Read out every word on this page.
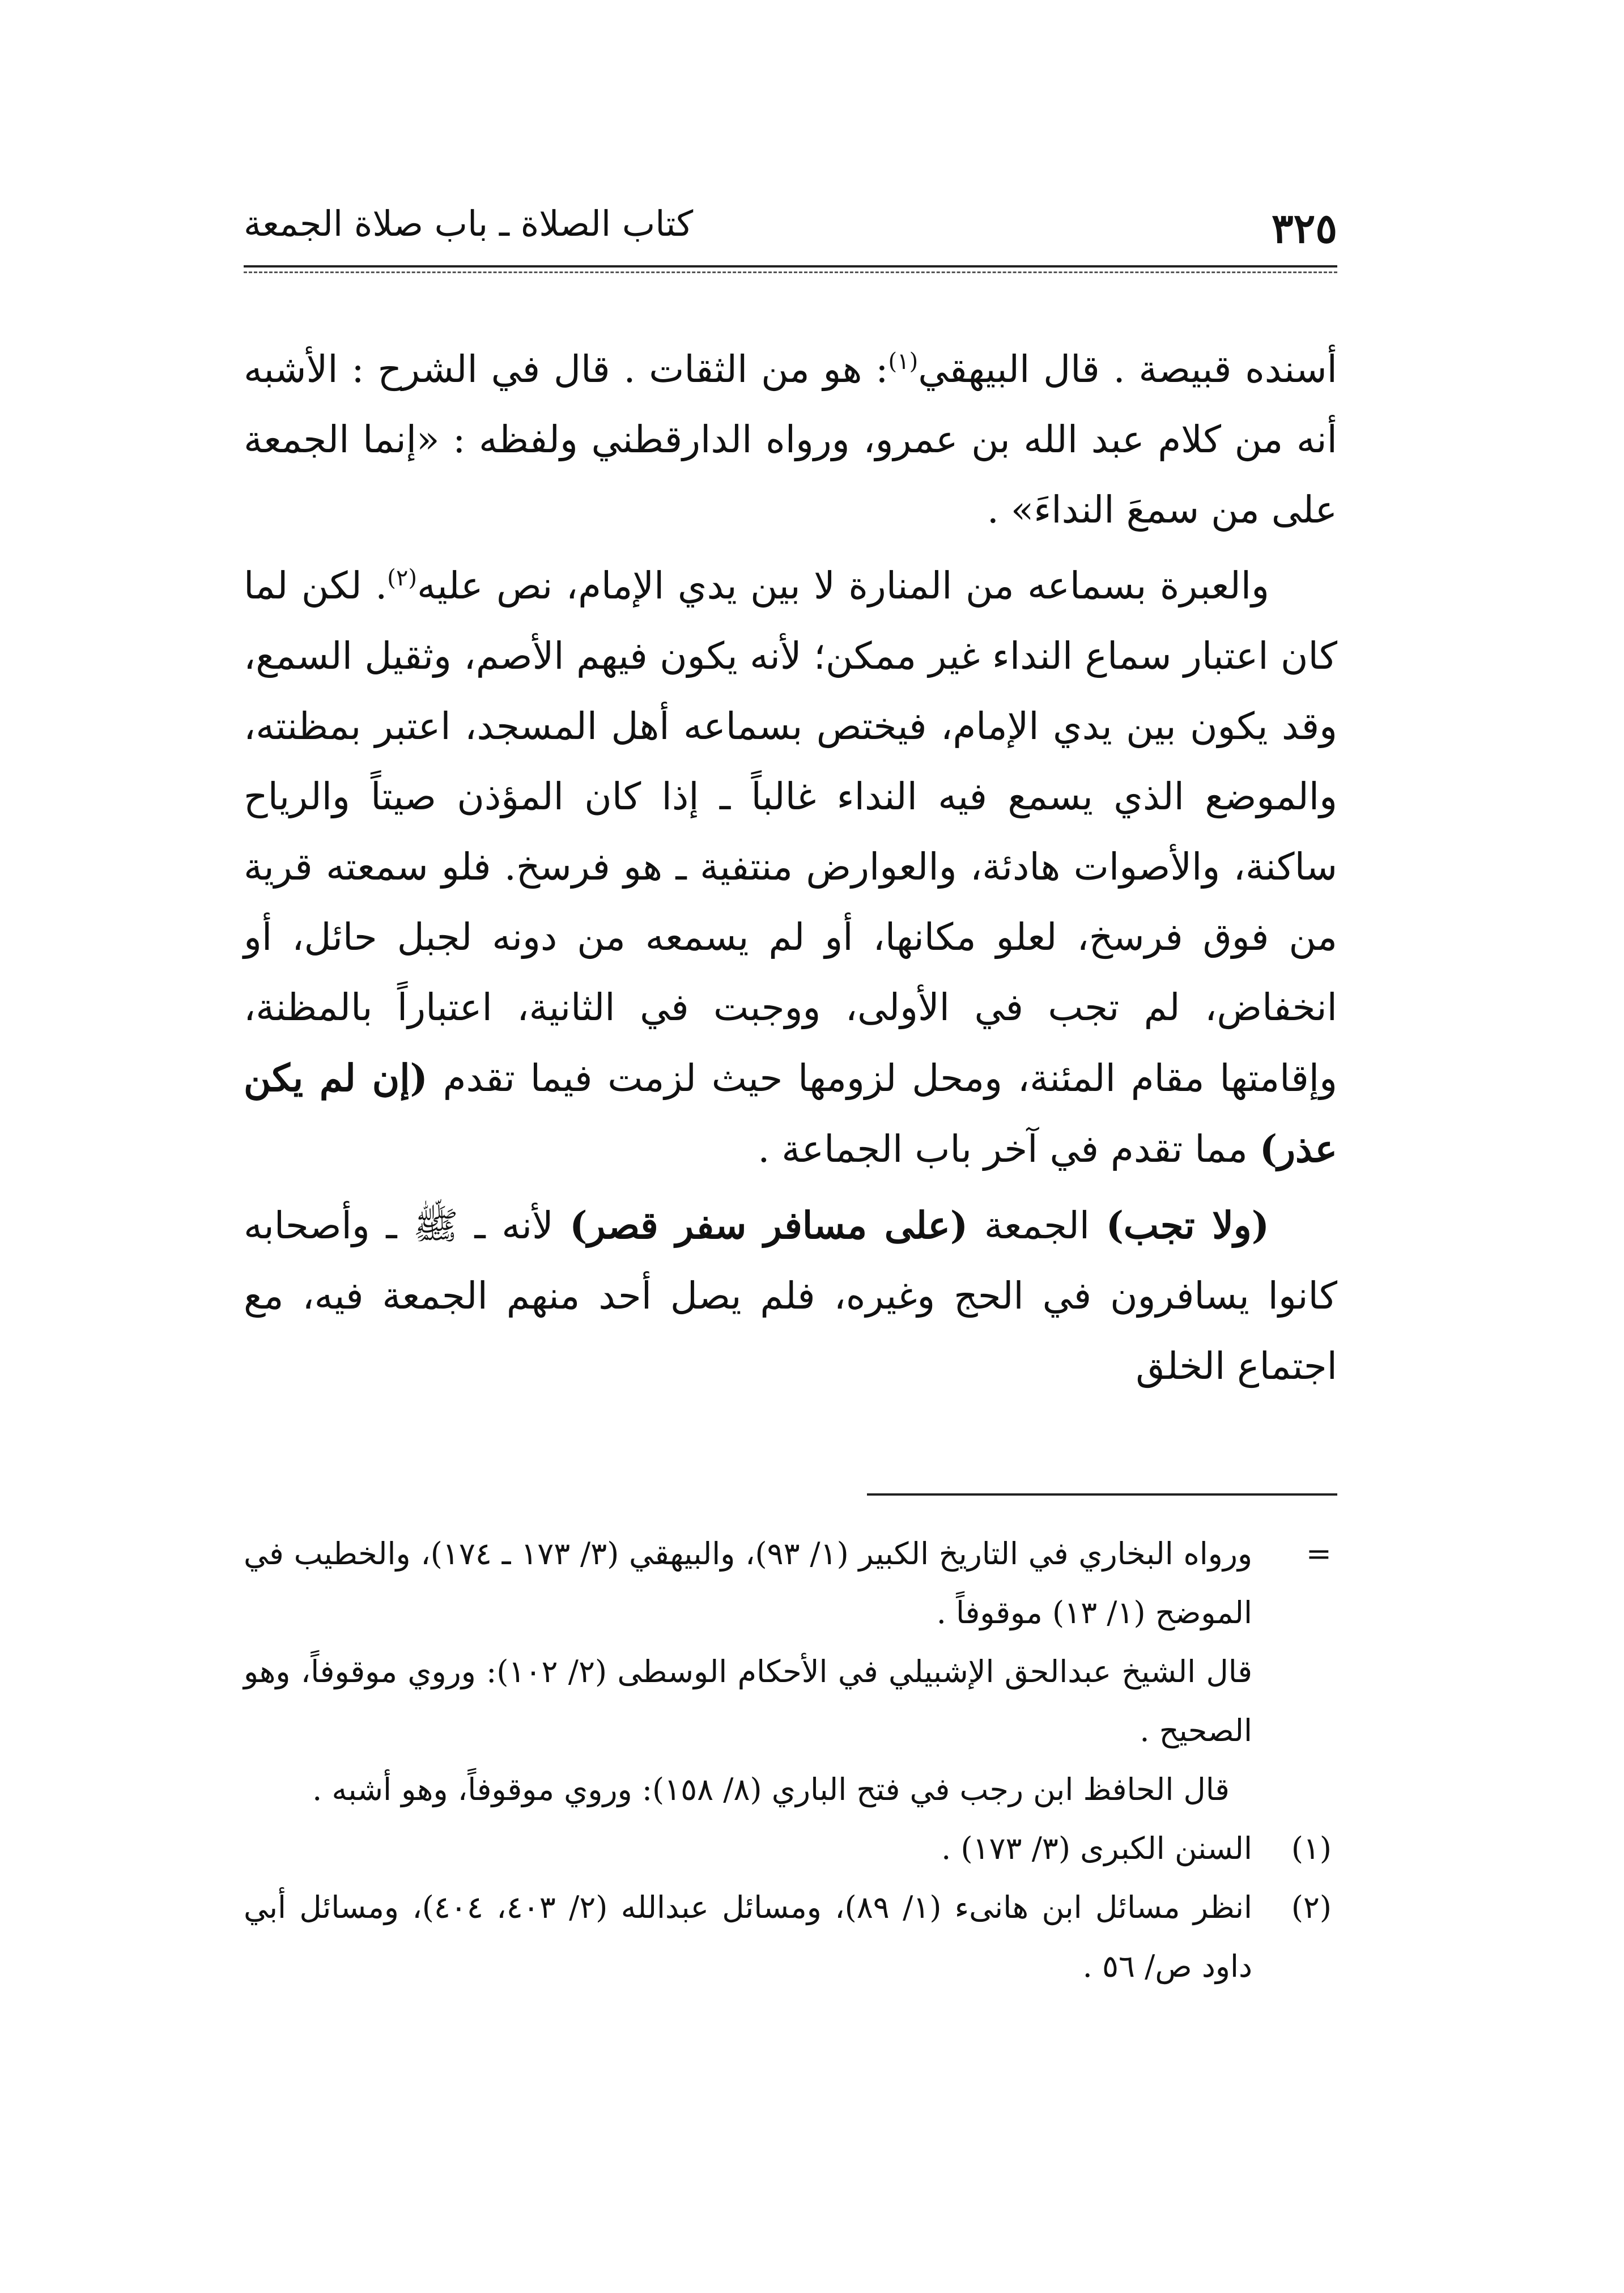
٣٢٥
كتاب الصلاة ـ باب صلاة الجمعة

أسنده قبيصة . قال البيهقي$^{(١)}$: هو من الثقات . قال في الشرح : الأشبه أنه من كلام عبد الله بن عمرو، ورواه الدارقطني ولفظه : «إنما الجمعة على من سمعَ النداءَ» .

والعبرة بسماعه من المنارة لا بين يدي الإمام، نص عليه$^{(٢)}$. لكن لما كان اعتبار سماع النداء غير ممكن؛ لأنه يكون فيهم الأصم، وثقيل السمع، وقد يكون بين يدي الإمام، فيختص بسماعه أهل المسجد، اعتبر بمظنته، والموضع الذي يسمع فيه النداء غالباً ـ إذا كان المؤذن صيتاً والرياح ساكنة، والأصوات هادئة، والعوارض منتفية ـ هو فرسخ. فلو سمعته قرية من فوق فرسخ، لعلو مكانها، أو لم يسمعه من دونه لجبل حائل، أو انخفاض، لم تجب في الأولى، ووجبت في الثانية، اعتباراً بالمظنة، وإقامتها مقام المئنة، ومحل لزومها حيث لزمت فيما تقدم (إن لم يكن عذر) مما تقدم في آخر باب الجماعة .

(ولا تجب) الجمعة (على مسافر سفر قصر) لأنه ـ ﷺ ـ وأصحابه كانوا يسافرون في الحج وغيره، فلم يصل أحد منهم الجمعة فيه، مع اجتماع الخلق

=
ورواه البخاري في التاريخ الكبير (١/ ٩٣)، والبيهقي (٣/ ١٧٣ ـ ١٧٤)، والخطيب في الموضح (١/ ١٣) موقوفاً .

قال الشيخ عبدالحق الإشبيلي في الأحكام الوسطى (٢/ ١٠٢): وروي موقوفاً، وهو الصحيح .

قال الحافظ ابن رجب في فتح الباري (٨/ ١٥٨): وروي موقوفاً، وهو أشبه .

(١)
السنن الكبرى (٣/ ١٧٣) .

(٢)
انظر مسائل ابن هانىء (١/ ٨٩)، ومسائل عبدالله (٢/ ٤٠٣، ٤٠٤)، ومسائل أبي داود ص/ ٥٦ .
